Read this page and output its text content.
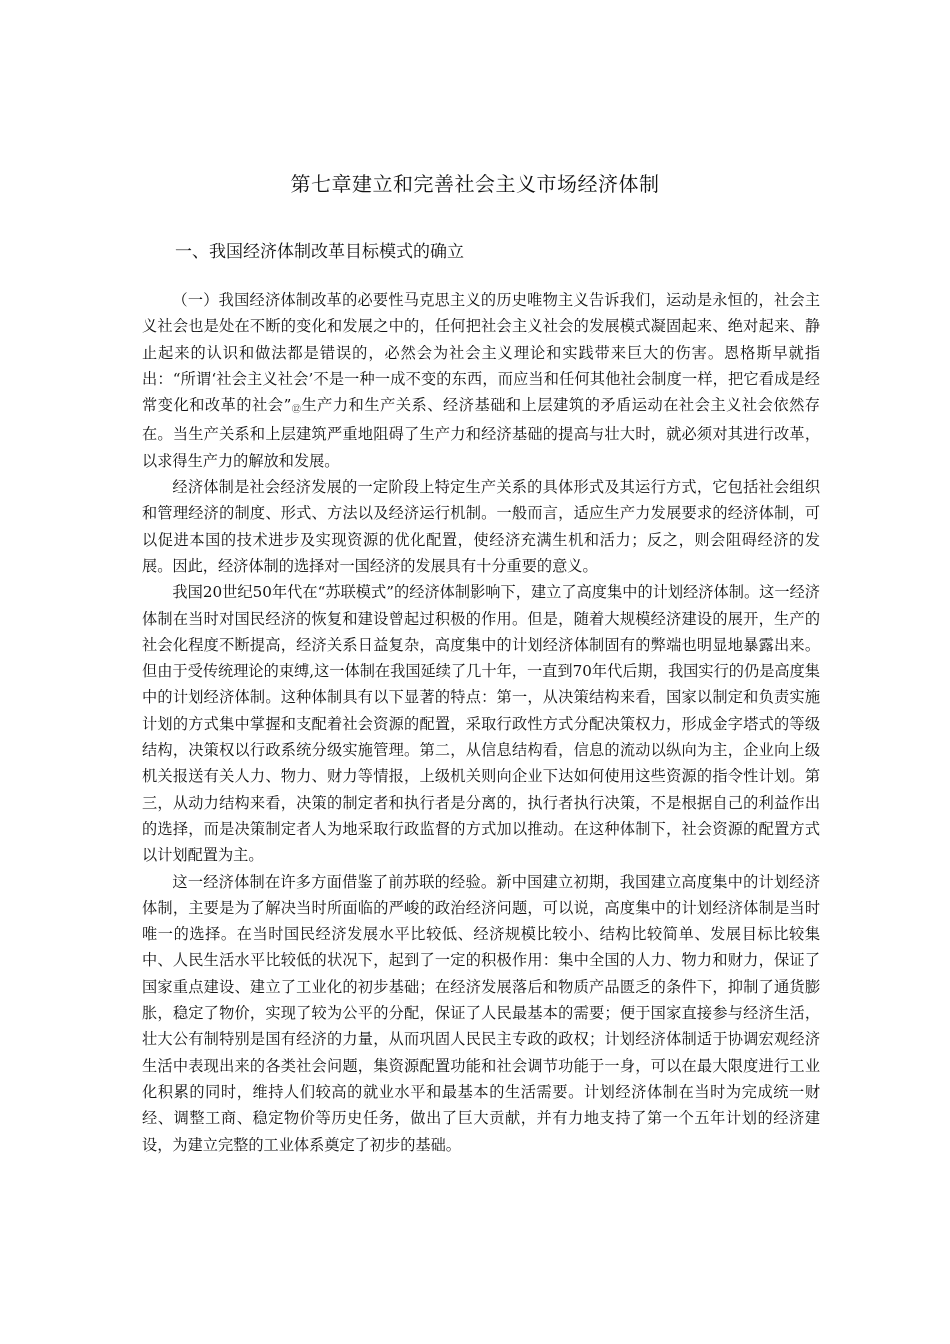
第七章建立和完善社会主义市场经济体制
一、我国经济体制改革目标模式的确立

（一）我国经济体制改革的必要性马克思主义的历史唯物主义告诉我们，运动是永恒的，社会主义社会也是处在不断的变化和发展之中的，任何把社会主义社会的发展模式凝固起来、绝对起来、静止起来的认识和做法都是错误的，必然会为社会主义理论和实践带来巨大的伤害。恩格斯早就指出：“所谓‘社会主义社会’不是一种一成不变的东西，而应当和任何其他社会制度一样，把它看成是经常变化和改革的社会”⑫生产力和生产关系、经济基础和上层建筑的矛盾运动在社会主义社会依然存在。当生产关系和上层建筑严重地阻碍了生产力和经济基础的提高与壮大时，就必须对其进行改革，以求得生产力的解放和发展。

经济体制是社会经济发展的一定阶段上特定生产关系的具体形式及其运行方式，它包括社会组织和管理经济的制度、形式、方法以及经济运行机制。一般而言，适应生产力发展要求的经济体制，可以促进本国的技术进步及实现资源的优化配置，使经济充满生机和活力；反之，则会阻碍经济的发展。因此，经济体制的选择对一国经济的发展具有十分重要的意义。

我国20世纪50年代在“苏联模式”的经济体制影响下，建立了高度集中的计划经济体制。这一经济体制在当时对国民经济的恢复和建设曾起过积极的作用。但是，随着大规模经济建设的展开，生产的社会化程度不断提高，经济关系日益复杂，高度集中的计划经济体制固有的弊端也明显地暴露出来。但由于受传统理论的束缚,这一体制在我国延续了几十年，一直到70年代后期，我国实行的仍是高度集中的计划经济体制。这种体制具有以下显著的特点：第一，从决策结构来看，国家以制定和负责实施计划的方式集中掌握和支配着社会资源的配置，采取行政性方式分配决策权力，形成金字塔式的等级结构，决策权以行政系统分级实施管理。第二，从信息结构看，信息的流动以纵向为主，企业向上级机关报送有关人力、物力、财力等情报，上级机关则向企业下达如何使用这些资源的指令性计划。第三，从动力结构来看，决策的制定者和执行者是分离的，执行者执行决策，不是根据自己的利益作出的选择，而是决策制定者人为地采取行政监督的方式加以推动。在这种体制下，社会资源的配置方式以计划配置为主。

这一经济体制在许多方面借鉴了前苏联的经验。新中国建立初期，我国建立高度集中的计划经济体制，主要是为了解决当时所面临的严峻的政治经济问题，可以说，高度集中的计划经济体制是当时唯一的选择。在当时国民经济发展水平比较低、经济规模比较小、结构比较简单、发展目标比较集中、人民生活水平比较低的状况下，起到了一定的积极作用：集中全国的人力、物力和财力，保证了国家重点建设、建立了工业化的初步基础；在经济发展落后和物质产品匮乏的条件下，抑制了通货膨胀，稳定了物价，实现了较为公平的分配，保证了人民最基本的需要；便于国家直接参与经济生活，壮大公有制特别是国有经济的力量，从而巩固人民民主专政的政权；计划经济体制适于协调宏观经济生活中表现出来的各类社会问题，集资源配置功能和社会调节功能于一身，可以在最大限度进行工业化积累的同时，维持人们较高的就业水平和最基本的生活需要。计划经济体制在当时为完成统一财经、调整工商、稳定物价等历史任务，做出了巨大贡献，并有力地支持了第一个五年计划的经济建设，为建立完整的工业体系奠定了初步的基础。
